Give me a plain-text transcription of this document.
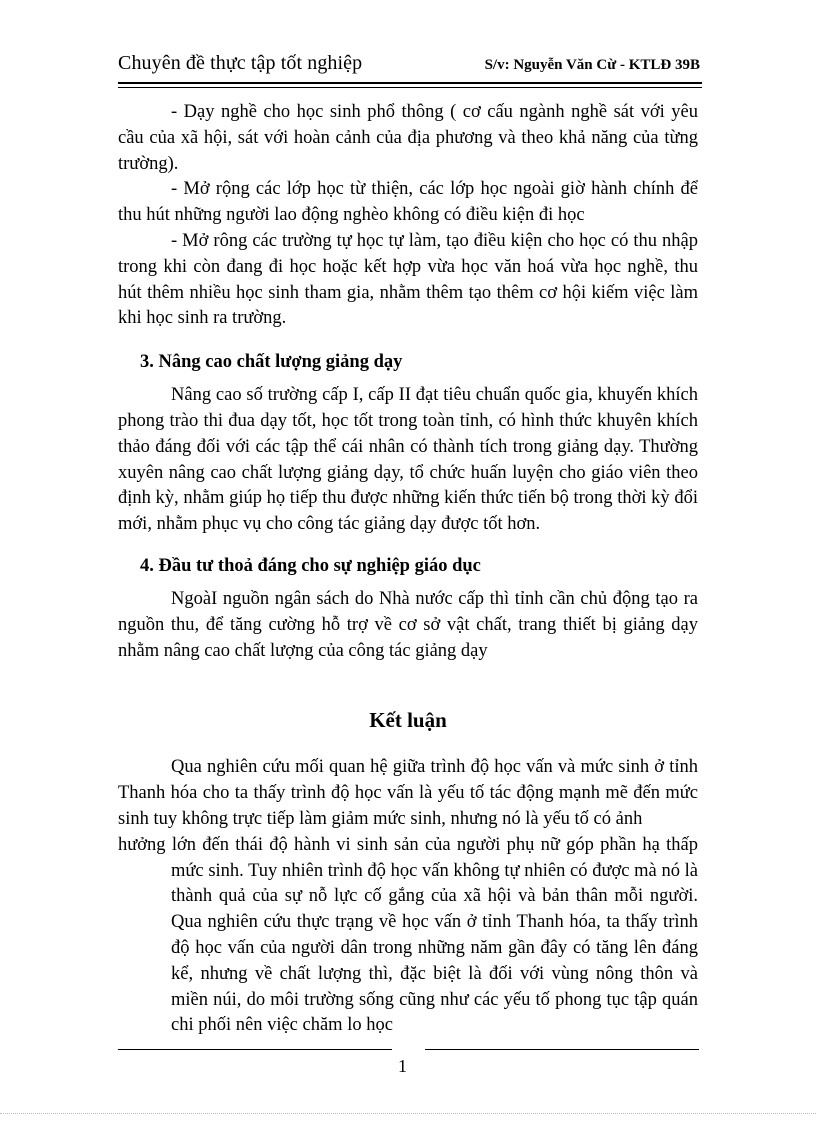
Chuyên đề thực tập tốt nghiệp	S/v: Nguyễn Văn Cừ - KTLĐ 39B

- Dạy nghề cho học sinh phổ thông ( cơ cấu ngành nghề sát với yêu cầu của xã hội, sát với hoàn cảnh của địa phương và theo khả năng của từng trường).

- Mở rộng các lớp học từ thiện, các lớp học ngoài giờ hành chính để thu hút những người lao động nghèo không có điều kiện đi học

- Mở rông các trường tự học tự làm, tạo điều kiện cho học có thu nhập trong khi còn đang đi học hoặc kết hợp vừa học văn hoá vừa học nghề, thu hút thêm nhiều học sinh tham gia, nhằm thêm tạo thêm cơ hội kiếm việc làm khi học sinh ra trường.

3. Nâng cao chất lượng giảng dạy

Nâng cao số trường cấp I, cấp II đạt tiêu chuẩn quốc gia, khuyến khích phong trào thi đua dạy tốt, học tốt trong toàn tỉnh, có hình thức khuyên khích thảo đáng đối với các tập thể cái nhân có thành tích trong giảng dạy. Thường xuyên nâng cao chất lượng giảng dạy, tổ chức huấn luyện cho giáo viên theo định kỳ, nhằm giúp họ tiếp thu được những kiến thức tiến bộ trong thời kỳ đổi mới, nhằm phục vụ cho công tác giảng dạy được tốt hơn.

4. Đầu tư thoả đáng cho sự nghiệp giáo dục

NgoàI nguồn ngân sách do Nhà nước cấp thì tỉnh cần chủ động tạo ra nguồn thu, để tăng cường hỗ trợ về cơ sở vật chất, trang thiết bị giảng dạy nhằm nâng cao chất lượng của công tác giảng dạy

Kết luận

Qua nghiên cứu mối quan hệ giữa trình độ học vấn và mức sinh ở tỉnh Thanh hóa cho ta thấy trình độ học vấn là yếu tố tác động mạnh mẽ đến mức sinh tuy không trực tiếp làm giảm mức sinh, nhưng nó là yếu tố có ảnh

hưởng lớn đến thái độ hành vi sinh sản của người phụ nữ góp phần hạ thấp mức sinh. Tuy nhiên trình độ học vấn không tự nhiên có được mà nó là thành quả của sự nỗ lực cố gắng của xã hội và bản thân mỗi người. Qua nghiên cứu thực trạng về học vấn ở tỉnh Thanh hóa, ta thấy trình độ học vấn của người dân trong những năm gần đây có tăng lên đáng kể, nhưng về chất lượng thì, đặc biệt là đối với vùng nông thôn và miền núi, do môi trường sống cũng như các yếu tố phong tục tập quán chi phối nên việc chăm lo học

1
